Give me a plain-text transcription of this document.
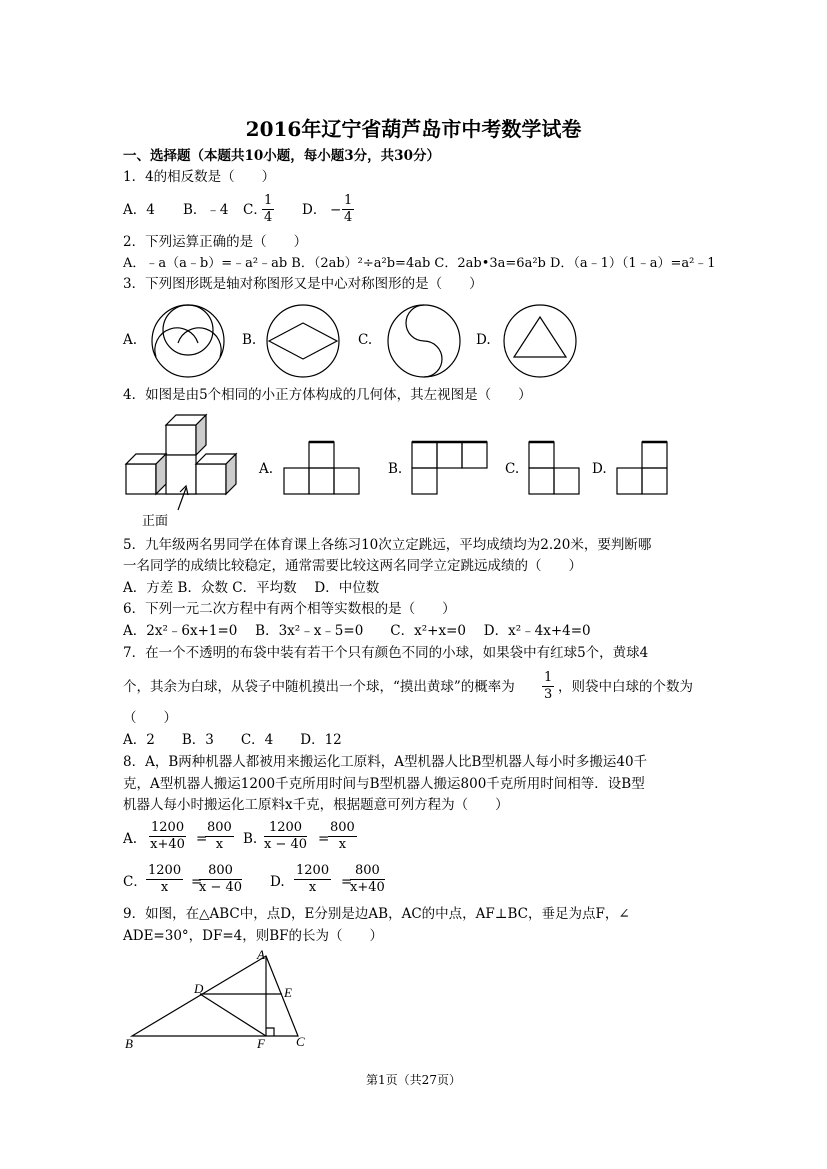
2016年辽宁省葫芦岛市中考数学试卷
一、选择题（本题共10小题，每小题3分，共30分）
1．4的相反数是（　　）
A．4 B．﹣4 C．
$\frac{1}{4}$ D． − $\frac{1}{4}$
2．下列运算正确的是（　　）
A．﹣a（a﹣b）=﹣a²﹣ab B．（2ab）²÷a²b=4ab C．2ab•3a=6a²b D．（a﹣1）（1﹣a）=a²﹣1
3．下列图形既是轴对称图形又是中心对称图形的是（　　）
A.	B.	C.	D.
4．如图是由5个相同的小正方体构成的几何体，其左视图是（　　）
正面
A.	B.	C.	D.
5．九年级两名男同学在体育课上各练习10次立定跳远，平均成绩均为2.20米，要判断哪
一名同学的成绩比较稳定，通常需要比较这两名同学立定跳远成绩的（　　）
A．方差 B．众数 C．平均数　 D．中位数
6．下列一元二次方程中有两个相等实数根的是（　　）
A．2x²﹣6x+1=0　 B．3x²﹣x﹣5=0　　C．x²+x=0　 D．x²﹣4x+4=0
7．在一个不透明的布袋中装有若干个只有颜色不同的小球，如果袋中有红球5个，黄球4
个，其余为白球，从袋子中随机摸出一个球，“摸出黄球”的概率为 $\frac{1}{3}$ ，则袋中白球的个数为
（　　）
A．2　　B．3　　C．4　　D．12
8．A，B两种机器人都被用来搬运化工原料，A型机器人比B型机器人每小时多搬运40千
克，A型机器人搬运1200千克所用时间与B型机器人搬运800千克所用时间相等．设B型
机器人每小时搬运化工原料x千克，根据题意可列方程为（　　）
A. $\frac{1200}{x+40}$ =
$\frac{800}{x} B$. $\frac{1200}{x - 40}$ =
$\frac{800}{x}$
C． $\frac{1200}{x}$ =
$\frac{800}{x - 40} D$. $\frac{1200}{x}$ =
$\frac{800}{x+40}$
9．如图，在△ABC中，点D，E分别是边AB，AC的中点，AF⊥BC，垂足为点F，∠
ADE=30°，DF=4，则BF的长为（　　）
A
D	E
B	F C
第1页（共27页）
